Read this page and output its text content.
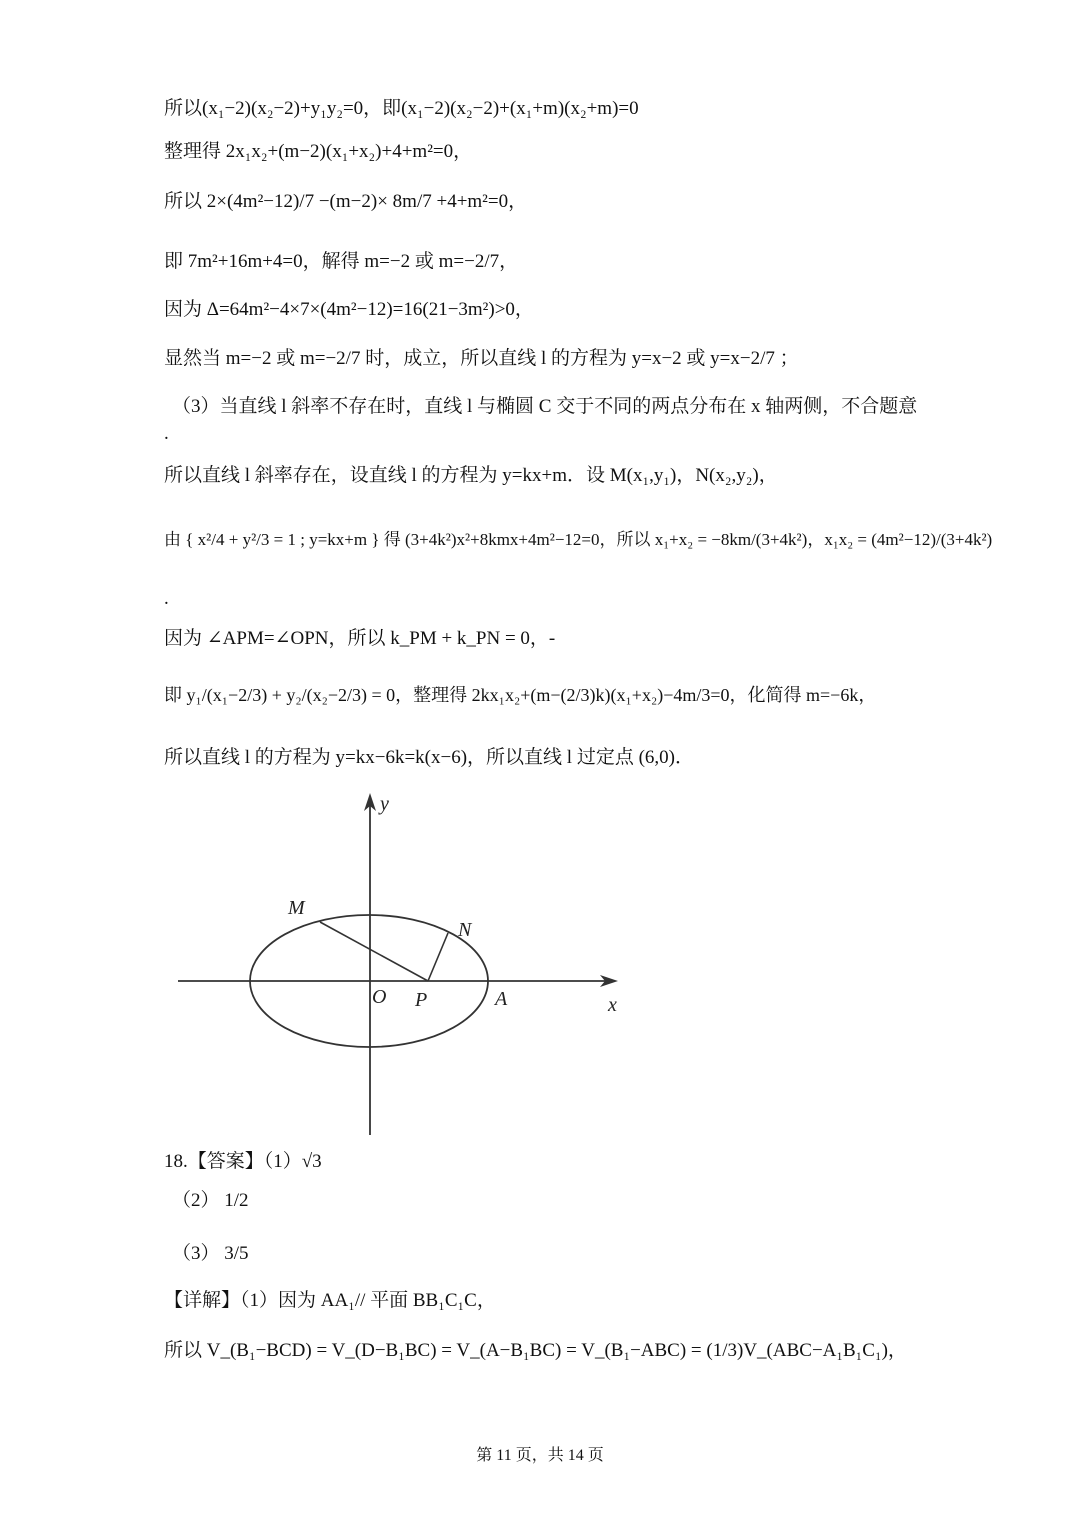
所以(x₁−2)(x₂−2)+y₁y₂=0，即(x₁−2)(x₂−2)+(x₁+m)(x₂+m)=0
整理得 2x₁x₂+(m−2)(x₁+x₂)+4+m²=0，
所以 2×(4m²−12)/7 −(m−2)× 8m/7 +4+m²=0，
即 7m²+16m+4=0，解得 m=−2 或 m=−2/7，
因为 Δ=64m²−4×7×(4m²−12)=16(21−3m²)>0，
显然当 m=−2 或 m=−2/7 时，成立，所以直线 l 的方程为 y=x−2 或 y=x−2/7 ；
（3）当直线 l 斜率不存在时，直线 l 与椭圆 C 交于不同的两点分布在 x 轴两侧，不合题意
.
所以直线 l 斜率存在，设直线 l 的方程为 y=kx+m．设 M(x₁,y₁)，N(x₂,y₂)，
由 { x²/4 + y²/3 = 1 ; y=kx+m } 得 (3+4k²)x²+8kmx+4m²−12=0，所以 x₁+x₂ = −8km/(3+4k²)，x₁x₂ = (4m²−12)/(3+4k²)
.
因为 ∠APM=∠OPN，所以 k_PM + k_PN = 0，-
即 y₁/(x₁−2/3) + y₂/(x₂−2/3) = 0，整理得 2kx₁x₂+(m−(2/3)k)(x₁+x₂)−4m/3=0，化简得 m=−6k，
所以直线 l 的方程为 y=kx−6k=k(x−6)，所以直线 l 过定点 (6,0)．
y
x
M
N
O P	A
18.【答案】（1）√3
（2） 1/2
（3） 3/5
【详解】（1）因为 AA₁// 平面 BB₁C₁C，
所以 V_(B₁−BCD) = V_(D−B₁BC) = V_(A−B₁BC) = V_(B₁−ABC) = (1/3)V_(ABC−A₁B₁C₁)，
第 11 页，共 14 页
